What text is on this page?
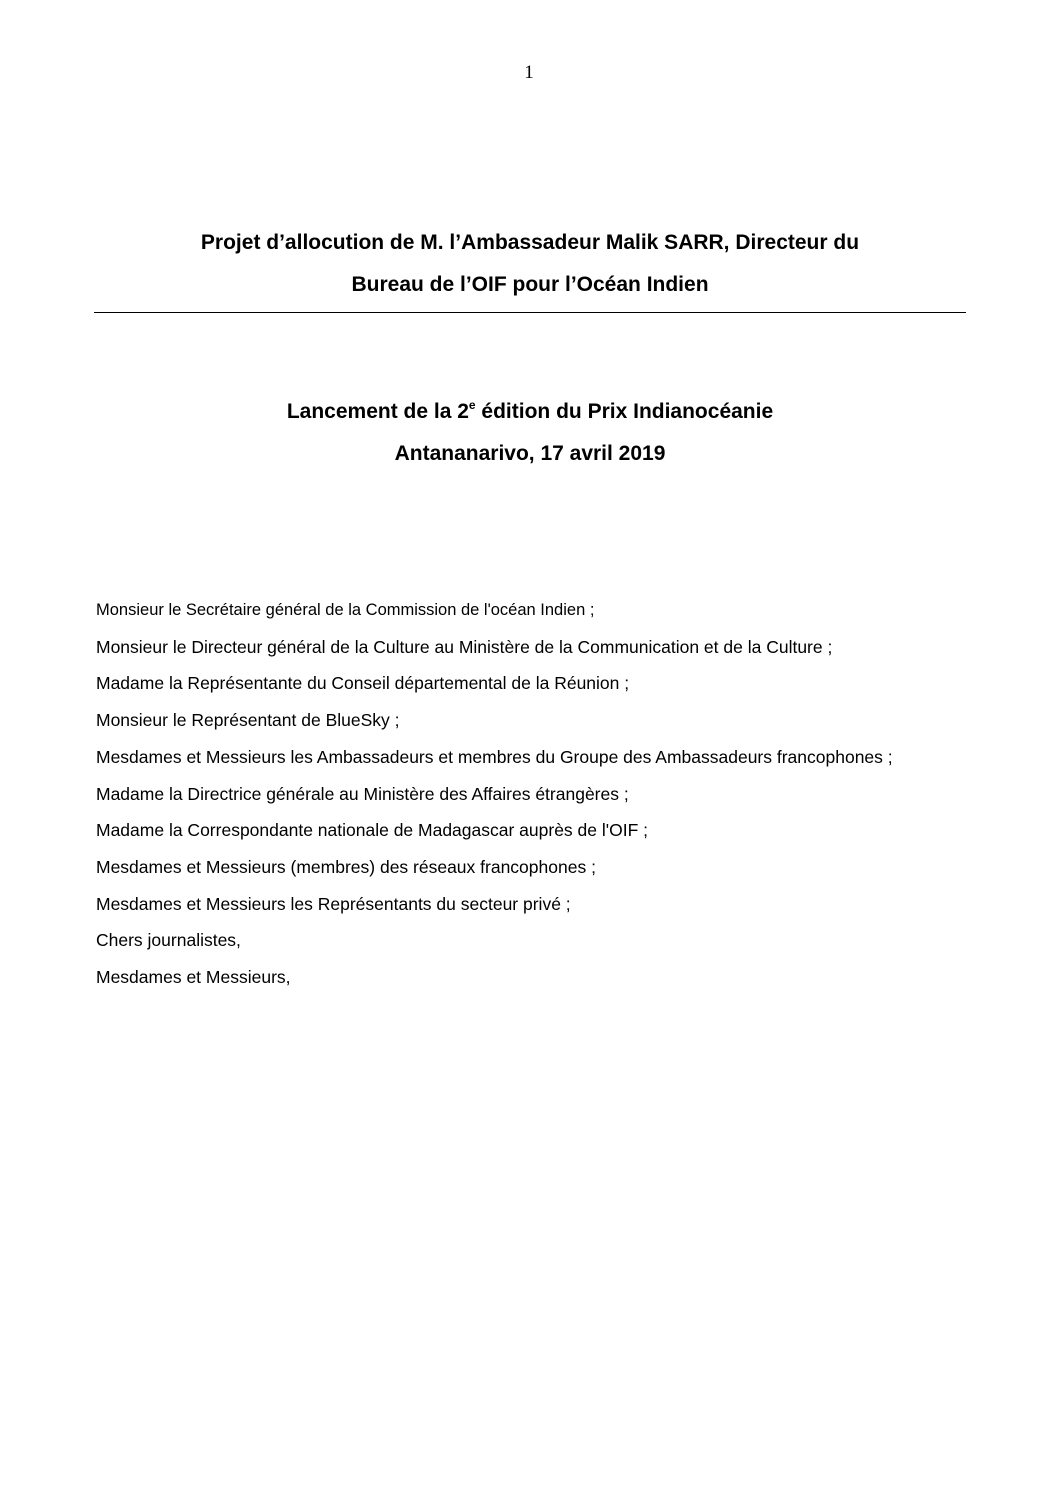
1
Projet d’allocution de M. l’Ambassadeur Malik SARR, Directeur du
Bureau de l’OIF pour l’Océan Indien
Lancement de la 2e édition du Prix Indianocéanie
Antananarivo, 17 avril 2019
Monsieur le Secrétaire général de la Commission de l'océan Indien ;
Monsieur le Directeur général de la Culture au Ministère de la Communication et de la Culture ;
Madame la Représentante du Conseil départemental de la Réunion ;
Monsieur le Représentant de BlueSky ;
Mesdames et Messieurs les Ambassadeurs et membres du Groupe des Ambassadeurs francophones ;
Madame la Directrice générale au Ministère des Affaires étrangères ;
Madame la Correspondante nationale de Madagascar auprès de l'OIF ;
Mesdames et Messieurs (membres) des réseaux francophones ;
Mesdames et Messieurs les Représentants du secteur privé ;
Chers journalistes,
Mesdames et Messieurs,
